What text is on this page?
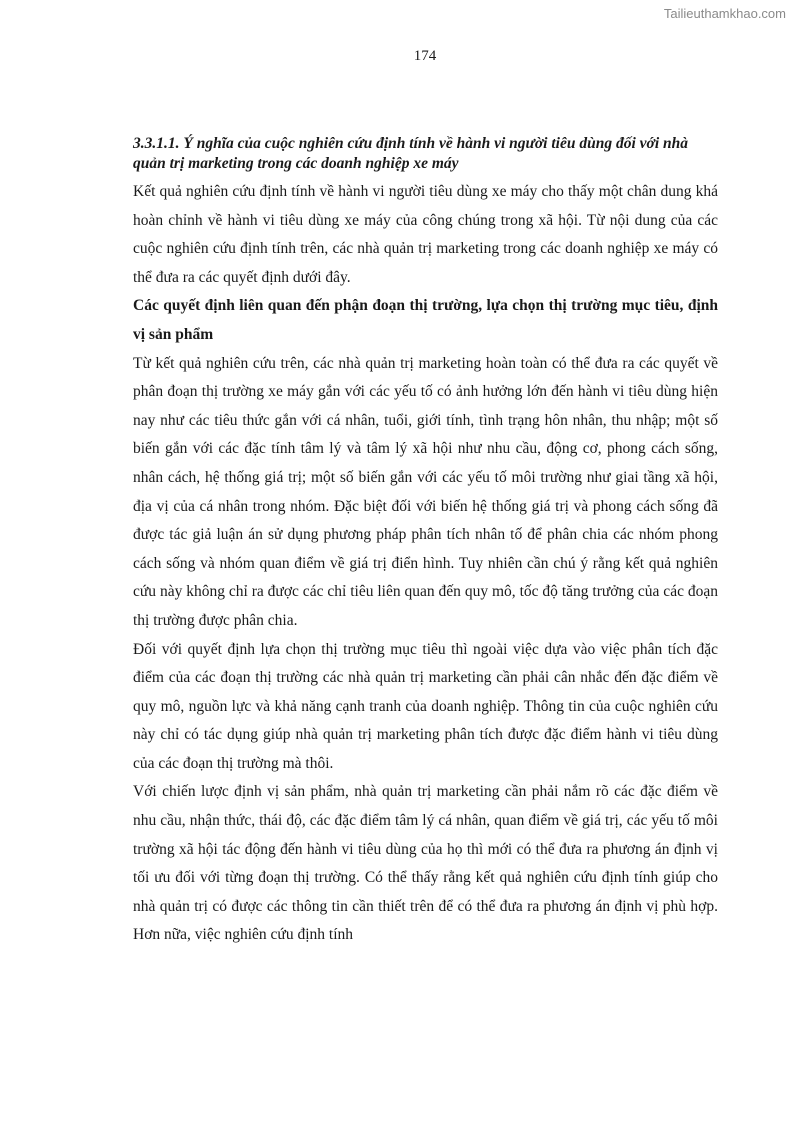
Tailieuthamkhao.com
174

3.3.1.1. Ý nghĩa của cuộc nghiên cứu định tính về hành vi người tiêu dùng đối với nhà quản trị marketing trong các doanh nghiệp xe máy

Kết quả nghiên cứu định tính về hành vi người tiêu dùng xe máy cho thấy một chân dung khá hoàn chỉnh về hành vi tiêu dùng xe máy của công chúng trong xã hội. Từ nội dung của các cuộc nghiên cứu định tính trên, các nhà quản trị marketing trong các doanh nghiệp xe máy có thể đưa ra các quyết định dưới đây.

Các quyết định liên quan đến phận đoạn thị trường, lựa chọn thị trường mục tiêu, định vị sản phẩm

Từ kết quả nghiên cứu trên, các nhà quản trị marketing hoàn toàn có thể đưa ra các quyết về phân đoạn thị trường xe máy gắn với các yếu tố có ảnh hưởng lớn đến hành vi tiêu dùng hiện nay như các tiêu thức gắn với cá nhân, tuổi, giới tính, tình trạng hôn nhân, thu nhập; một số biến gắn với các đặc tính tâm lý và tâm lý xã hội như nhu cầu, động cơ, phong cách sống, nhân cách, hệ thống giá trị; một số biến gắn với các yếu tố môi trường như giai tầng xã hội, địa vị của cá nhân trong nhóm. Đặc biệt đối với biến hệ thống giá trị và phong cách sống đã được tác giả luận án sử dụng phương pháp phân tích nhân tố để phân chia các nhóm phong cách sống và nhóm quan điểm về giá trị điển hình. Tuy nhiên cần chú ý rằng kết quả nghiên cứu này không chỉ ra được các chỉ tiêu liên quan đến quy mô, tốc độ tăng trưởng của các đoạn thị trường được phân chia.

Đối với quyết định lựa chọn thị trường mục tiêu thì ngoài việc dựa vào việc phân tích đặc điểm của các đoạn thị trường các nhà quản trị marketing cần phải cân nhắc đến đặc điểm về quy mô, nguồn lực và khả năng cạnh tranh của doanh nghiệp. Thông tin của cuộc nghiên cứu này chỉ có tác dụng giúp nhà quản trị marketing phân tích được đặc điểm hành vi tiêu dùng của các đoạn thị trường mà thôi.

Với chiến lược định vị sản phẩm, nhà quản trị marketing cần phải nắm rõ các đặc điểm về nhu cầu, nhận thức, thái độ, các đặc điểm tâm lý cá nhân, quan điểm về giá trị, các yếu tố môi trường xã hội tác động đến hành vi tiêu dùng của họ thì mới có thể đưa ra phương án định vị tối ưu đối với từng đoạn thị trường. Có thể thấy rằng kết quả nghiên cứu định tính giúp cho nhà quản trị có được các thông tin cần thiết trên để có thể đưa ra phương án định vị phù hợp. Hơn nữa, việc nghiên cứu định tính
